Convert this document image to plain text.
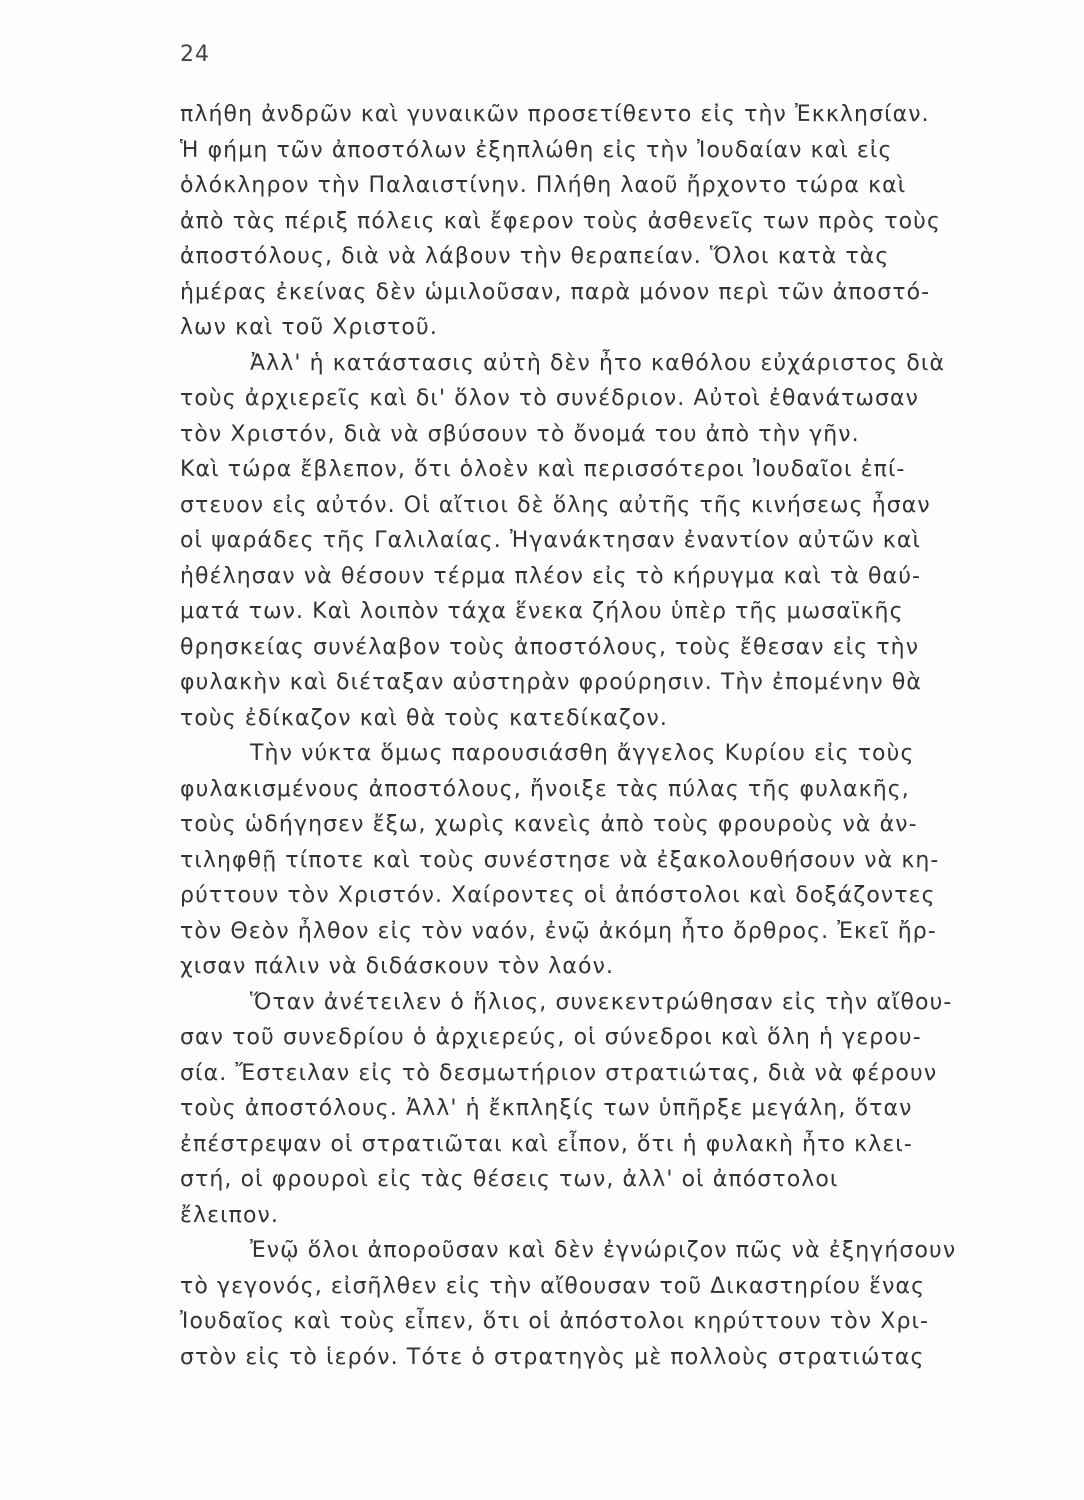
24
πλήθη ἀνδρῶν καὶ γυναικῶν προσετίθεντο εἰς τὴν Ἐκκλησίαν.
Ἡ φήμη τῶν ἀποστόλων ἐξηπλώθη εἰς τὴν Ἰουδαίαν καὶ εἰς
ὁλόκληρον τὴν Παλαιστίνην. Πλήθη λαοῦ ἤρχοντο τώρα καὶ
ἀπὸ τὰς πέριξ πόλεις καὶ ἔφερον τοὺς ἀσθενεῖς των πρὸς τοὺς
ἀποστόλους, διὰ νὰ λάβουν τὴν θεραπείαν. Ὅλοι κατὰ τὰς
ἡμέρας ἐκείνας δὲν ὡμιλοῦσαν, παρὰ μόνον περὶ τῶν ἀποστό-
λων καὶ τοῦ Χριστοῦ.
Ἀλλ' ἡ κατάστασις αὐτὴ δὲν ἦτο καθόλου εὐχάριστος διὰ
τοὺς ἀρχιερεῖς καὶ δι' ὅλον τὸ συνέδριον. Αὐτοὶ ἐθανάτωσαν
τὸν Χριστόν, διὰ νὰ σβύσουν τὸ ὄνομά του ἀπὸ τὴν γῆν.
Καὶ τώρα ἔβλεπον, ὅτι ὁλοὲν καὶ περισσότεροι Ἰουδαῖοι ἐπί-
στευον εἰς αὐτόν. Οἱ αἴτιοι δὲ ὅλης αὐτῆς τῆς κινήσεως ἦσαν
οἱ ψαράδες τῆς Γαλιλαίας. Ἠγανάκτησαν ἐναντίον αὐτῶν καὶ
ἠθέλησαν νὰ θέσουν τέρμα πλέον εἰς τὸ κήρυγμα καὶ τὰ θαύ-
ματά των. Καὶ λοιπὸν τάχα ἕνεκα ζήλου ὑπὲρ τῆς μωσαϊκῆς
θρησκείας συνέλαβον τοὺς ἀποστόλους, τοὺς ἔθεσαν εἰς τὴν
φυλακὴν καὶ διέταξαν αὐστηρὰν φρούρησιν. Τὴν ἐπομένην θὰ
τοὺς ἐδίκαζον καὶ θὰ τοὺς κατεδίκαζον.
Τὴν νύκτα ὅμως παρουσιάσθη ἄγγελος Κυρίου εἰς τοὺς
φυλακισμένους ἀποστόλους, ἤνοιξε τὰς πύλας τῆς φυλακῆς,
τοὺς ὡδήγησεν ἔξω, χωρὶς κανεὶς ἀπὸ τοὺς φρουροὺς νὰ ἀν-
τιληφθῇ τίποτε καὶ τοὺς συνέστησε νὰ ἐξακολουθήσουν νὰ κη-
ρύττουν τὸν Χριστόν. Χαίροντες οἱ ἀπόστολοι καὶ δοξάζοντες
τὸν Θεὸν ἦλθον εἰς τὸν ναόν, ἐνῷ ἀκόμη ἦτο ὄρθρος. Ἐκεῖ ἤρ-
χισαν πάλιν νὰ διδάσκουν τὸν λαόν.
Ὅταν ἀνέτειλεν ὁ ἥλιος, συνεκεντρώθησαν εἰς τὴν αἴθου-
σαν τοῦ συνεδρίου ὁ ἀρχιερεύς, οἱ σύνεδροι καὶ ὅλη ἡ γερου-
σία. Ἔστειλαν εἰς τὸ δεσμωτήριον στρατιώτας, διὰ νὰ φέρουν
τοὺς ἀποστόλους. Ἀλλ' ἡ ἔκπληξίς των ὑπῆρξε μεγάλη, ὅταν
ἐπέστρεψαν οἱ στρατιῶται καὶ εἶπον, ὅτι ἡ φυλακὴ ἦτο κλει-
στή, οἱ φρουροὶ εἰς τὰς θέσεις των, ἀλλ' οἱ ἀπόστολοι
ἔλειπον.
Ἐνῷ ὅλοι ἀποροῦσαν καὶ δὲν ἐγνώριζον πῶς νὰ ἐξηγήσουν
τὸ γεγονός, εἰσῆλθεν εἰς τὴν αἴθουσαν τοῦ Δικαστηρίου ἕνας
Ἰουδαῖος καὶ τοὺς εἶπεν, ὅτι οἱ ἀπόστολοι κηρύττουν τὸν Χρι-
στὸν εἰς τὸ ἱερόν. Τότε ὁ στρατηγὸς μὲ πολλοὺς στρατιώτας
